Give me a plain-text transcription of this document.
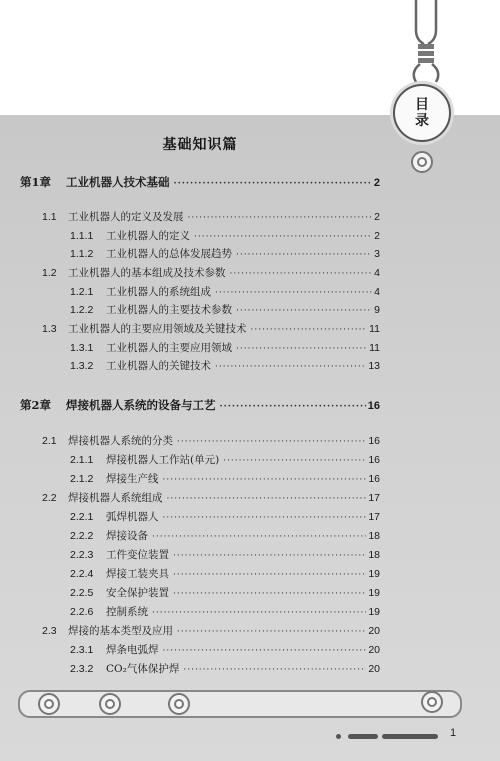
目
录
基础知识篇
第1章	工业机器人技术基础 ·····	2
1.1	工业机器人的定义及发展 ·····	2
1.1.1	工业机器人的定义 ·····	2
1.1.2	工业机器人的总体发展趋势 ·····	3
1.2	工业机器人的基本组成及技术参数 ·····	4
1.2.1	工业机器人的系统组成 ·····	4
1.2.2	工业机器人的主要技术参数 ·····	9
1.3	工业机器人的主要应用领域及关键技术 ·····	11
1.3.1	工业机器人的主要应用领域 ·····	11
1.3.2	工业机器人的关键技术 ·····	13
第2章	焊接机器人系统的设备与工艺 ·····	16
2.1	焊接机器人系统的分类 ·····	16
2.1.1	焊接机器人工作站(单元) ·····	16
2.1.2	焊接生产线 ·····	16
2.2	焊接机器人系统组成 ·····	17
2.2.1	弧焊机器人 ·····	17
2.2.2	焊接设备 ·····	18
2.2.3	工件变位装置 ·····	18
2.2.4	焊接工装夹具 ·····	19
2.2.5	安全保护装置 ·····	19
2.2.6	控制系统 ·····	19
2.3	焊接的基本类型及应用 ·····	20
2.3.1	焊条电弧焊 ·····	20
2.3.2	CO₂气体保护焊 ·····	20
1
